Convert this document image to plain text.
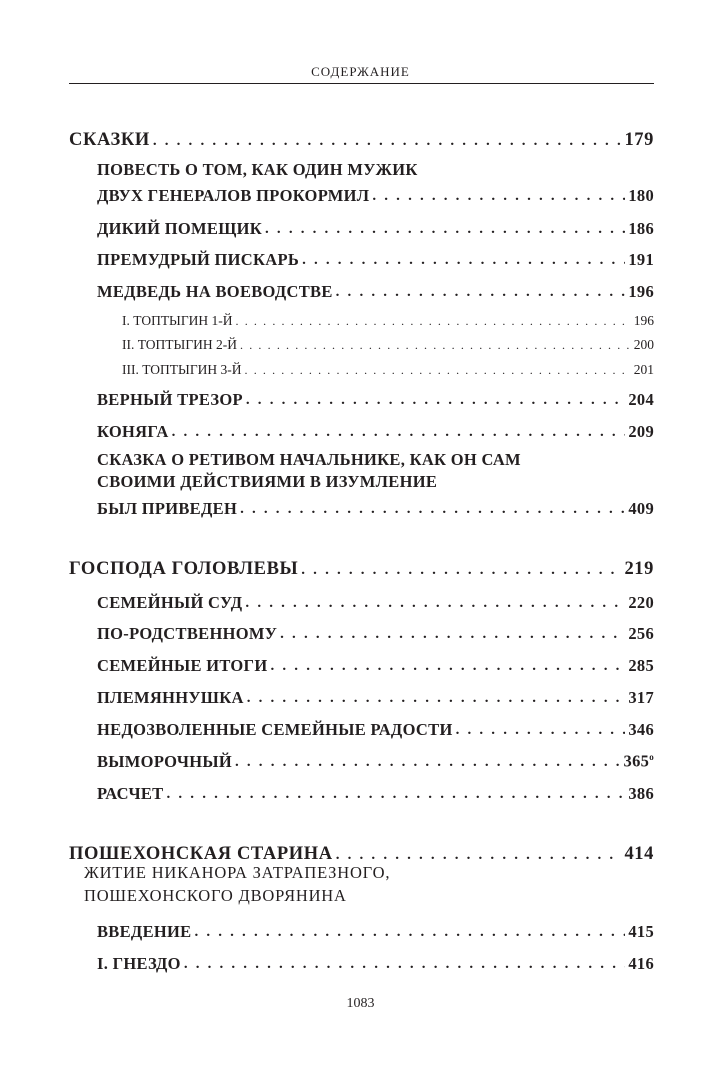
СОДЕРЖАНИЕ
СКАЗКИ . . .	179
ПОВЕСТЬ О ТОМ, КАК ОДИН МУЖИК
ДВУХ ГЕНЕРАЛОВ ПРОКОРМИЛ . . .	180
ДИКИЙ ПОМЕЩИК . . .	186
ПРЕМУДРЫЙ ПИСКАРЬ . . .	191
МЕДВЕДЬ НА ВОЕВОДСТВЕ . . .	196
I. ТОПТЫГИН 1-Й . . .	196
II. ТОПТЫГИН 2-Й . . .	200
III. ТОПТЫГИН 3-Й . . .	201
ВЕРНЫЙ ТРЕЗОР . . .	204
КОНЯГА . . .	209
СКАЗКА О РЕТИВОМ НАЧАЛЬНИКЕ, КАК ОН САМ
СВОИМИ ДЕЙСТВИЯМИ В ИЗУМЛЕНИЕ
БЫЛ ПРИВЕДЕН . . .	409
ГОСПОДА ГОЛОВЛЕВЫ . . .	219
СЕМЕЙНЫЙ СУД . . .	220
ПО-РОДСТВЕННОМУ . . .	256
СЕМЕЙНЫЕ ИТОГИ . . .	285
ПЛЕМЯННУШКА . . .	317
НЕДОЗВОЛЕННЫЕ СЕМЕЙНЫЕ РАДОСТИ . . .	346
ВЫМОРОЧНЫЙ . . .	$365^о$
РАСЧЕТ . . .	386
ПОШЕХОНСКАЯ СТАРИНА . . .	414
ЖИТИЕ НИКАНОРА ЗАТРАПЕЗНОГО,
ПОШЕХОНСКОГО ДВОРЯНИНА
ВВЕДЕНИЕ . . .	415
I. ГНЕЗДО . . .	416
1083
